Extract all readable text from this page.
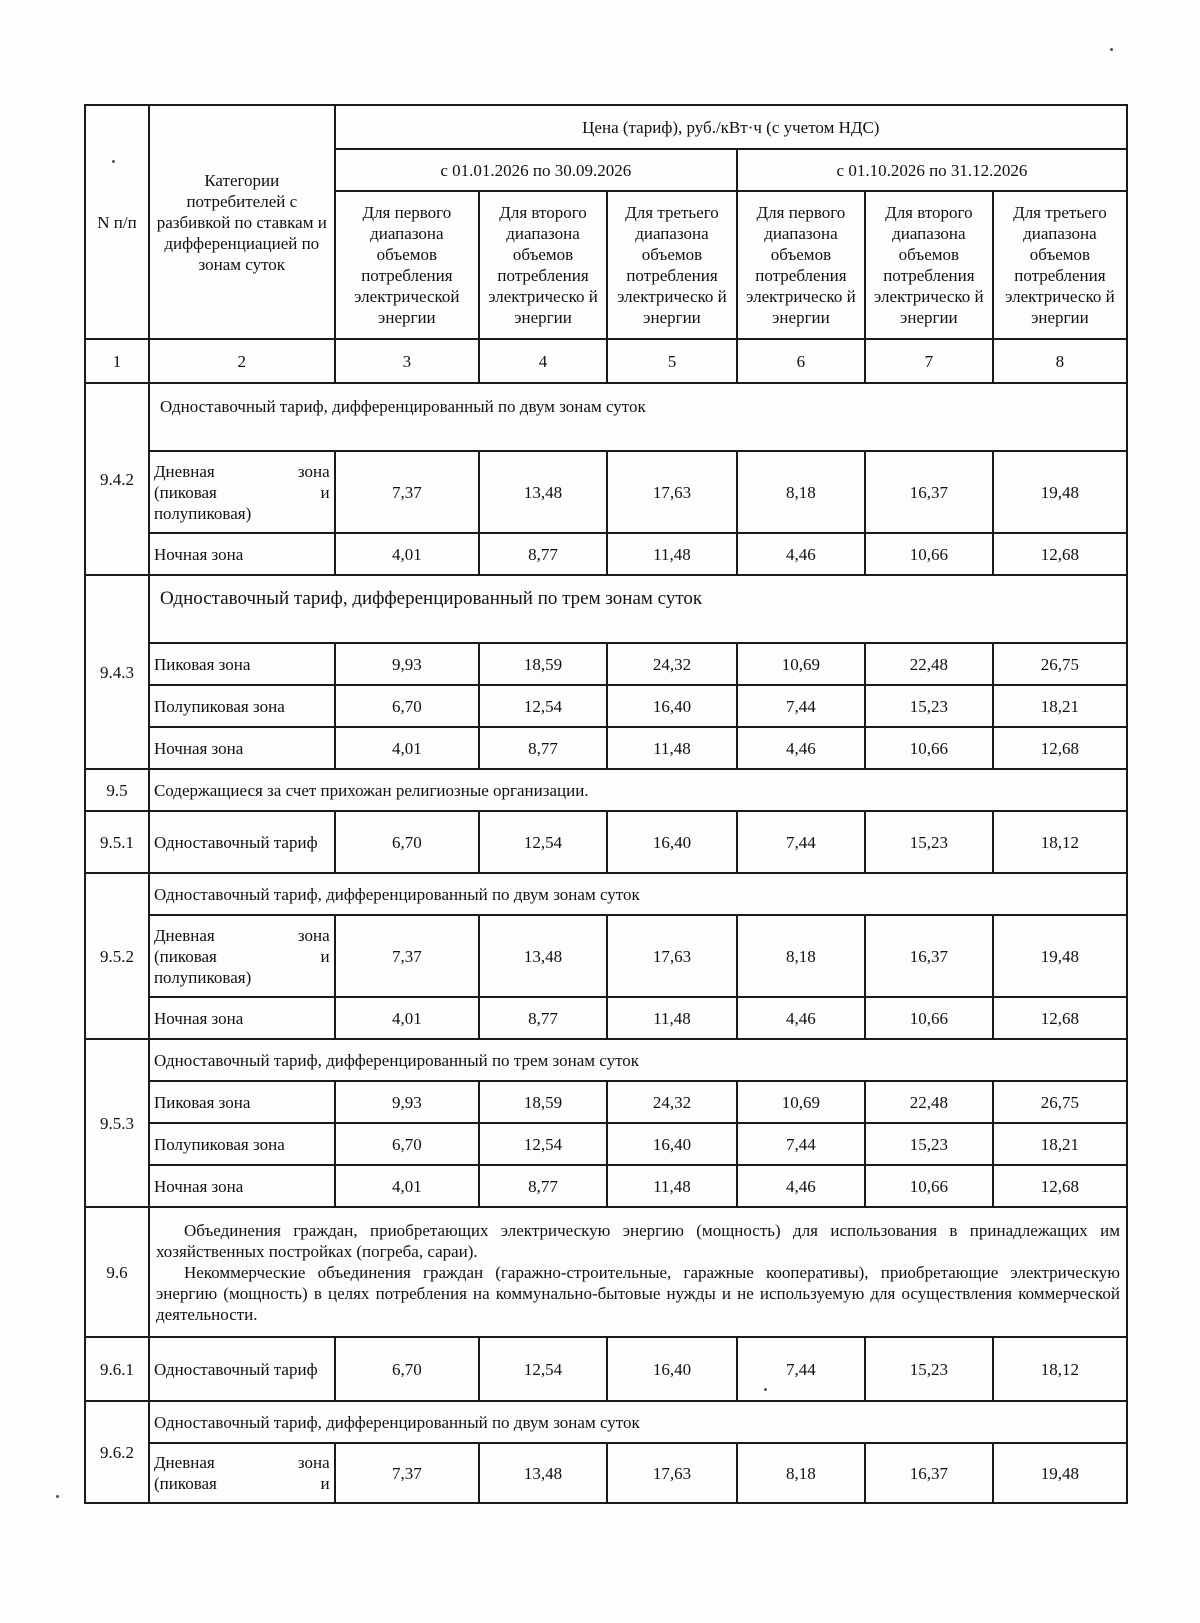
N п/п	Категории потребителей с разбивкой по ставкам и дифференциацией по зонам суток	Цена (тариф), руб./кВт·ч (с учетом НДС)					
		с 01.01.2026 по 30.09.2026			с 01.10.2026 по 31.12.2026		
		Для первого диапазона объемов потребления электрической энергии	Для второго диапазона объемов потребления электрическо й энергии	Для третьего диапазона объемов потребления электрическо й энергии	Для первого диапазона объемов потребления электрическо й энергии	Для второго диапазона объемов потребления электрическо й энергии	Для третьего диапазона объемов потребления электрическо й энергии
1	2	3	4	5	6	7	8
9.4.2	Одноставочный тариф, дифференцированный по двум зонам суток						

	Дневная зона
(пиковая и
полупиковая)	7,37	13,48	17,63	8,18	16,37	19,48
	Ночная зона	4,01	8,77	11,48	4,46	10,66	12,68
9.4.3	Одноставочный тариф, дифференцированный по трем зонам суток						
	Пиковая зона	9,93	18,59	24,32	10,69	22,48	26,75
	Полупиковая зона	6,70	12,54	16,40	7,44	15,23	18,21
	Ночная зона	4,01	8,77	11,48	4,46	10,66	12,68
9.5	Содержащиеся за счет прихожан религиозные организации.						
9.5.1	Одноставочный тариф	6,70	12,54	16,40	7,44	15,23	18,12
9.5.2	Одноставочный тариф, дифференцированный по двум зонам суток						

	Дневная зона
(пиковая и
полупиковая)	7,37	13,48	17,63	8,18	16,37	19,48
	Ночная зона	4,01	8,77	11,48	4,46	10,66	12,68
9.5.3	Одноставочный тариф, дифференцированный по трем зонам суток						
	Пиковая зона	9,93	18,59	24,32	10,69	22,48	26,75
	Полупиковая зона	6,70	12,54	16,40	7,44	15,23	18,21
	Ночная зона	4,01	8,77	11,48	4,46	10,66	12,68
9.6	Объединения граждан, приобретающих электрическую энергию (мощность) для использования в принадлежащих им хозяйственных постройках (погреба, сараи).
Некоммерческие объединения граждан (гаражно-строительные, гаражные кооперативы), приобретающие электрическую энергию (мощность) в целях потребления на коммунально-бытовые нужды и не используемую для осуществления коммерческой деятельности.						

9.6.1	Одноставочный тариф	6,70	12,54	16,40	7,44	15,23	18,12
9.6.2	Одноставочный тариф, дифференцированный по двум зонам суток						

	Дневная зона
(пиковая и	7,37	13,48	17,63	8,18	16,37	19,48
